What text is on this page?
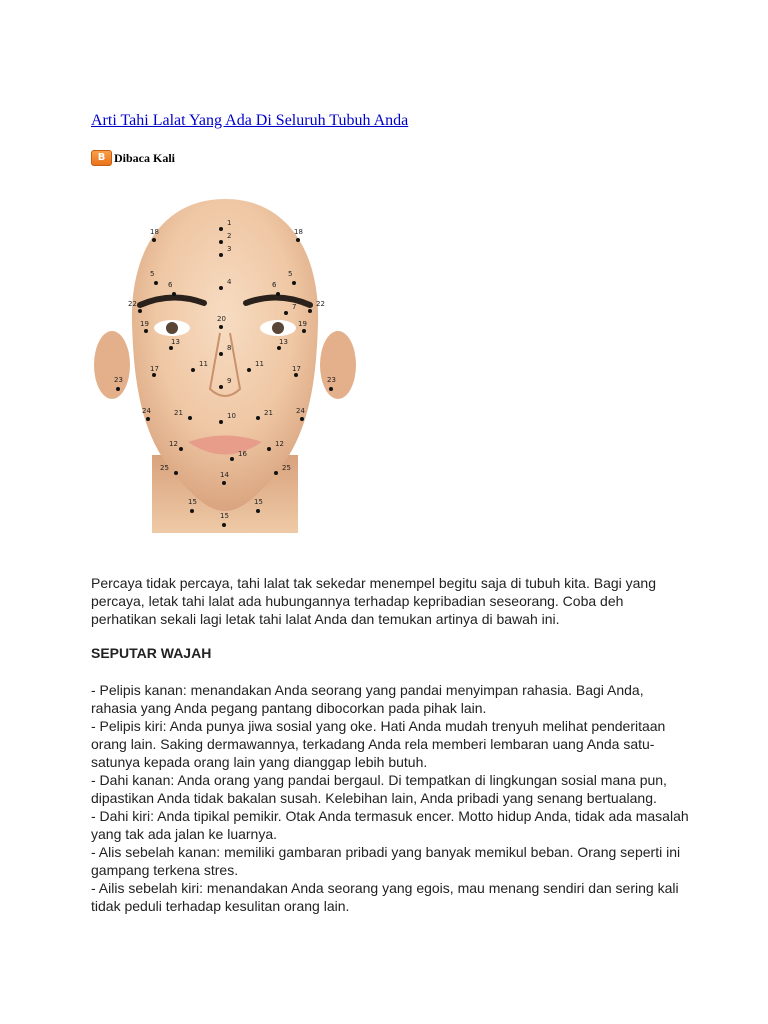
Arti Tahi Lalat Yang Ada Di Seluruh Tubuh Anda
B Dibaca Kali
1
2
3
4
5	5
6	6
7
8
9
10
11	11
12	12
13	13
14
15	15
15
16
17	17
18	18
19	19
20
21	21
22	22
23	23
24	24
25	25

Percaya tidak percaya, tahi lalat tak sekedar menempel begitu saja di tubuh kita. Bagi yang percaya, letak tahi lalat ada hubungannya terhadap kepribadian seseorang. Coba deh perhatikan sekali lagi letak tahi lalat Anda dan temukan artinya di bawah ini.

SEPUTAR WAJAH
- Pelipis kanan: menandakan Anda seorang yang pandai menyimpan rahasia. Bagi Anda, rahasia yang Anda pegang pantang dibocorkan pada pihak lain.
- Pelipis kiri: Anda punya jiwa sosial yang oke. Hati Anda mudah trenyuh melihat penderitaan orang lain. Saking dermawannya, terkadang Anda rela memberi lembaran uang Anda satu-satunya kepada orang lain yang dianggap lebih butuh.
- Dahi kanan: Anda orang yang pandai bergaul. Di tempatkan di lingkungan sosial mana pun, dipastikan Anda tidak bakalan susah. Kelebihan lain, Anda pribadi yang senang bertualang.
- Dahi kiri: Anda tipikal pemikir. Otak Anda termasuk encer. Motto hidup Anda, tidak ada masalah yang tak ada jalan ke luarnya.
- Alis sebelah kanan: memiliki gambaran pribadi yang banyak memikul beban. Orang seperti ini gampang terkena stres.
- Ailis sebelah kiri: menandakan Anda seorang yang egois, mau menang sendiri dan sering kali tidak peduli terhadap kesulitan orang lain.
